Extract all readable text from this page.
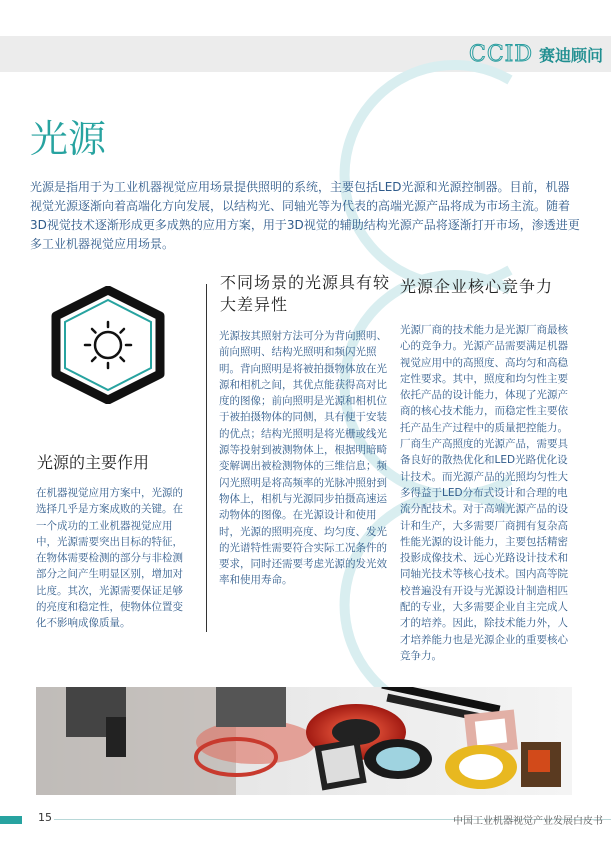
CCID 赛迪顾问
光源

光源是指用于为工业机器视觉应用场景提供照明的系统，主要包括LED光源和光源控制器。目前，机器视觉光源逐渐向着高端化方向发展，以结构光、同轴光等为代表的高端光源产品将成为市场主流。随着3D视觉技术逐渐形成更多成熟的应用方案，用于3D视觉的辅助结构光源产品将逐渐打开市场，渗透进更多工业机器视觉应用场景。

光源的主要作用

在机器视觉应用方案中，光源的选择几乎是方案成败的关键。在一个成功的工业机器视觉应用中，光源需要突出目标的特征，在物体需要检测的部分与非检测部分之间产生明显区别，增加对比度。其次，光源需要保证足够的亮度和稳定性，使物体位置变化不影响成像质量。

不同场景的光源具有较大差异性

光源按其照射方法可分为背向照明、前向照明、结构光照明和频闪光照明。背向照明是将被拍摄物体放在光源和相机之间，其优点能获得高对比度的图像；前向照明是光源和相机位于被拍摄物体的同侧，具有便于安装的优点；结构光照明是将光栅或线光源等投射到被测物体上，根据明暗畸变解调出被检测物体的三维信息；频闪光照明是将高频率的光脉冲照射到物体上，相机与光源同步拍摄高速运动物体的图像。在光源设计和使用时，光源的照明亮度、均匀度、发光的光谱特性需要符合实际工况条件的要求，同时还需要考虑光源的发光效率和使用寿命。

光源企业核心竞争力

光源厂商的技术能力是光源厂商最核心的竞争力。光源产品需要满足机器视觉应用中的高照度、高均匀和高稳定性要求。其中，照度和均匀性主要依托产品的设计能力，体现了光源产商的核心技术能力，而稳定性主要依托产品生产过程中的质量把控能力。厂商生产高照度的光源产品，需要具备良好的散热优化和LED光路优化设计技术。而光源产品的光照均匀性大多得益于LED分布式设计和合理的电流分配技术。对于高端光源产品的设计和生产，大多需要厂商拥有复杂高性能光源的设计能力，主要包括精密投影成像技术、远心光路设计技术和同轴光技术等核心技术。国内高等院校普遍没有开设与光源设计制造相匹配的专业，大多需要企业自主完成人才的培养。因此，除技术能力外，人才培养能力也是光源企业的重要核心竞争力。

15	中国工业机器视觉产业发展白皮书
